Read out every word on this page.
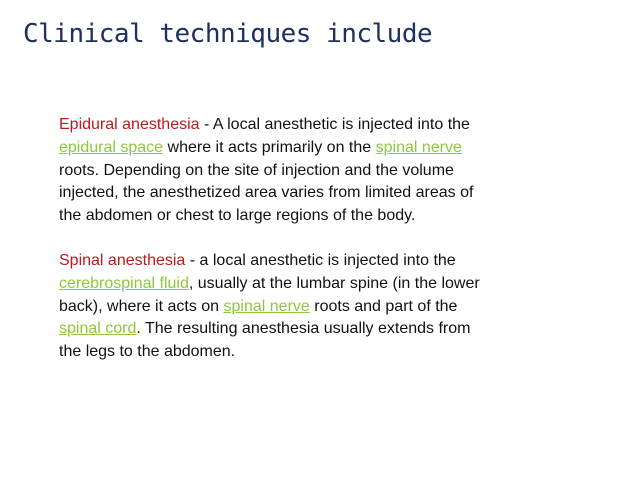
Clinical techniques include

Epidural anesthesia - A local anesthetic is injected into the epidural space where it acts primarily on the spinal nerve roots. Depending on the site of injection and the volume injected, the anesthetized area varies from limited areas of the abdomen or chest to large regions of the body.

Spinal anesthesia - a local anesthetic is injected into the cerebrospinal fluid, usually at the lumbar spine (in the lower back), where it acts on spinal nerve roots and part of the spinal cord. The resulting anesthesia usually extends from the legs to the abdomen.
